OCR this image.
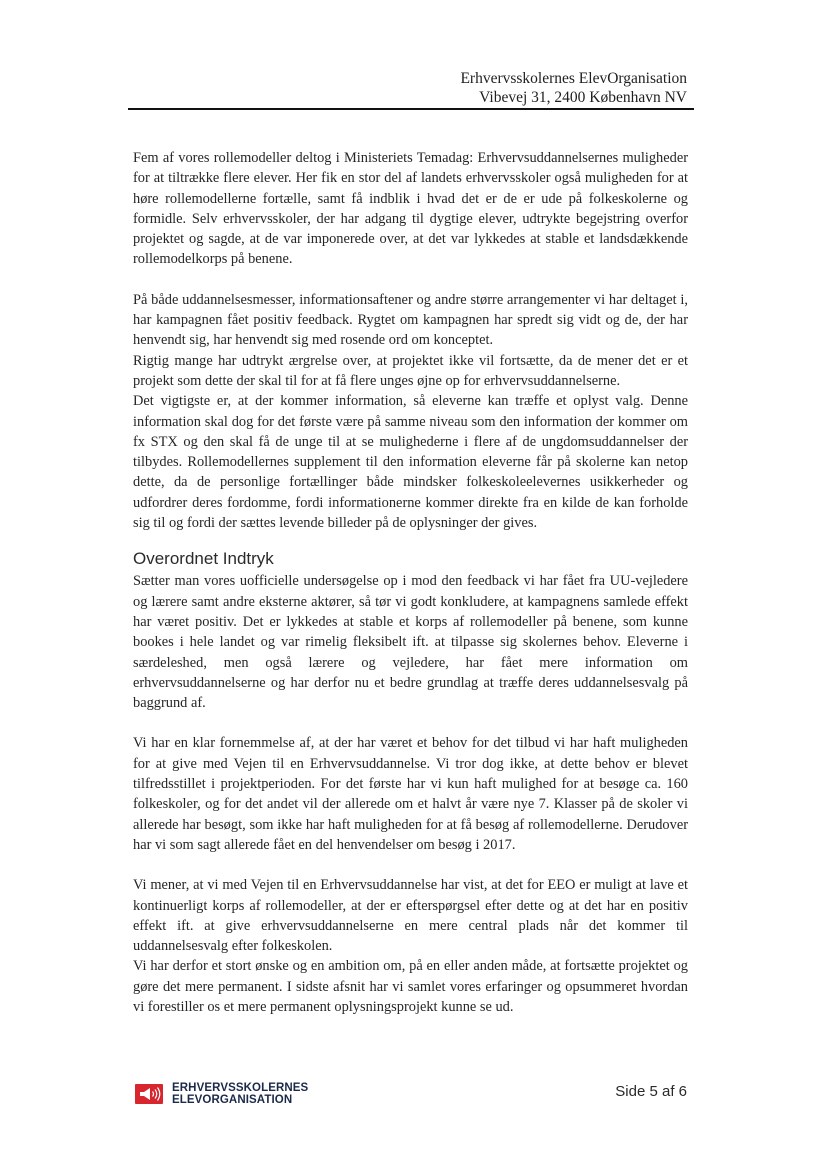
Erhvervsskolernes ElevOrganisation
Vibevej 31, 2400 København NV

Fem af vores rollemodeller deltog i Ministeriets Temadag: Erhvervsuddannelsernes muligheder for at tiltrække flere elever. Her fik en stor del af landets erhvervsskoler også muligheden for at høre rollemodellerne fortælle, samt få indblik i hvad det er de er ude på folkeskolerne og formidle. Selv erhvervsskoler, der har adgang til dygtige elever, udtrykte begejstring overfor projektet og sagde, at de var imponerede over, at det var lykkedes at stable et landsdækkende rollemodelkorps på benene.

På både uddannelsesmesser, informationsaftener og andre større arrangementer vi har deltaget i, har kampagnen fået positiv feedback. Rygtet om kampagnen har spredt sig vidt og de, der har henvendt sig, har henvendt sig med rosende ord om konceptet.

Rigtig mange har udtrykt ærgrelse over, at projektet ikke vil fortsætte, da de mener det er et projekt som dette der skal til for at få flere unges øjne op for erhvervsuddannelserne.

Det vigtigste er, at der kommer information, så eleverne kan træffe et oplyst valg. Denne information skal dog for det første være på samme niveau som den information der kommer om fx STX og den skal få de unge til at se mulighederne i flere af de ungdomsuddannelser der tilbydes. Rollemodellernes supplement til den information eleverne får på skolerne kan netop dette, da de personlige fortællinger både mindsker folkeskoleelevernes usikkerheder og udfordrer deres fordomme, fordi informationerne kommer direkte fra en kilde de kan forholde sig til og fordi der sættes levende billeder på de oplysninger der gives.

Overordnet Indtryk

Sætter man vores uofficielle undersøgelse op i mod den feedback vi har fået fra UU-vejledere og lærere samt andre eksterne aktører, så tør vi godt konkludere, at kampagnens samlede effekt har været positiv. Det er lykkedes at stable et korps af rollemodeller på benene, som kunne bookes i hele landet og var rimelig fleksibelt ift. at tilpasse sig skolernes behov. Eleverne i særdeleshed, men også lærere og vejledere, har fået mere information om erhvervsuddannelserne og har derfor nu et bedre grundlag at træffe deres uddannelsesvalg på baggrund af.

Vi har en klar fornemmelse af, at der har været et behov for det tilbud vi har haft muligheden for at give med Vejen til en Erhvervsuddannelse. Vi tror dog ikke, at dette behov er blevet tilfredsstillet i projektperioden. For det første har vi kun haft mulighed for at besøge ca. 160 folkeskoler, og for det andet vil der allerede om et halvt år være nye 7. Klasser på de skoler vi allerede har besøgt, som ikke har haft muligheden for at få besøg af rollemodellerne. Derudover har vi som sagt allerede fået en del henvendelser om besøg i 2017.

Vi mener, at vi med Vejen til en Erhvervsuddannelse har vist, at det for EEO er muligt at lave et kontinuerligt korps af rollemodeller, at der er efterspørgsel efter dette og at det har en positiv effekt ift. at give erhvervsuddannelserne en mere central plads når det kommer til uddannelsesvalg efter folkeskolen.

Vi har derfor et stort ønske og en ambition om, på en eller anden måde, at fortsætte projektet og gøre det mere permanent. I sidste afsnit har vi samlet vores erfaringer og opsummeret hvordan vi forestiller os et mere permanent oplysningsprojekt kunne se ud.

ERHVERVSSKOLERNES
ELEVORGANISATION	Side 5 af 6
